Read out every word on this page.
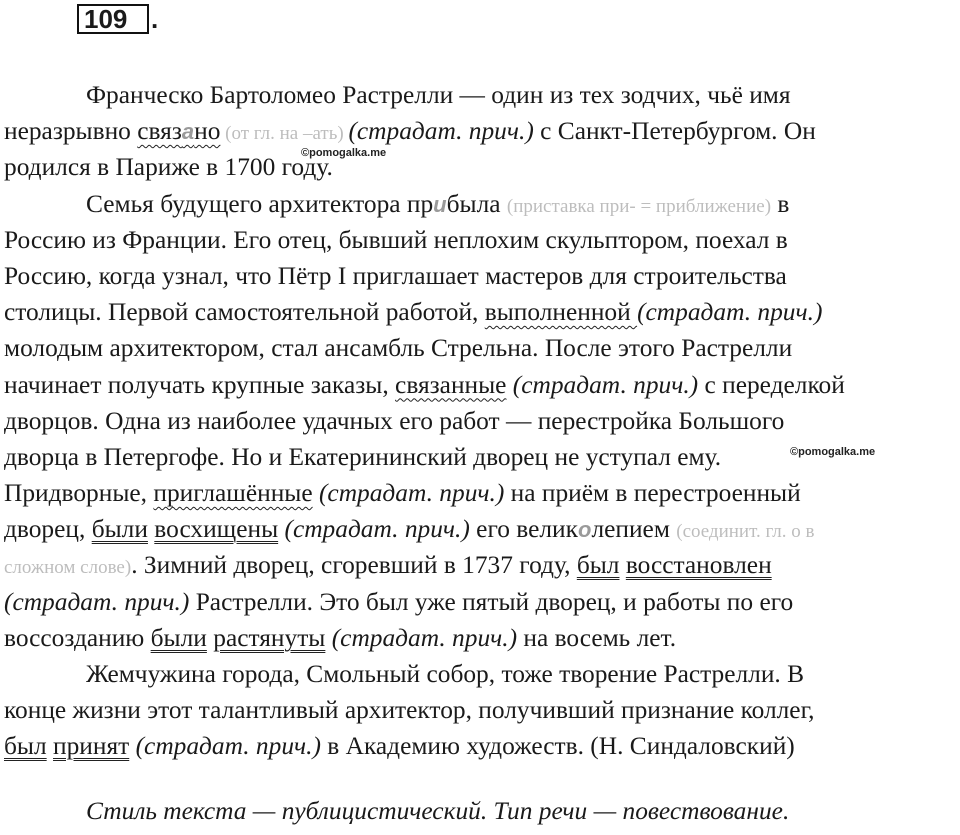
109 .
Франческо Бартоломео Растрелли — один из тех зодчих, чьё имя
неразрывно связано (от гл. на –ать) (страдат. прич.) с Санкт-Петербургом. Он
родился в Париже в 1700 году.
Семья будущего архитектора прибыла (приставка при- = приближение) в
Россию из Франции. Его отец, бывший неплохим скульптором, поехал в
Россию, когда узнал, что Пётр I приглашает мастеров для строительства
столицы. Первой самостоятельной работой, выполненной (страдат. прич.)
молодым архитектором, стал ансамбль Стрельна. После этого Растрелли
начинает получать крупные заказы, связанные (страдат. прич.) с переделкой
дворцов. Одна из наиболее удачных его работ — перестройка Большого
дворца в Петергофе. Но и Екатерининский дворец не уступал ему.
Придворные, приглашённые (страдат. прич.) на приём в перестроенный
дворец, были восхищены (страдат. прич.) его великолепием (соединит. гл. о в
сложном слове). Зимний дворец, сгоревший в 1737 году, был восстановлен
(страдат. прич.) Растрелли. Это был уже пятый дворец, и работы по его
воссозданию были растянуты (страдат. прич.) на восемь лет.
Жемчужина города, Смольный собор, тоже творение Растрелли. В
конце жизни этот талантливый архитектор, получивший признание коллег,
был принят (страдат. прич.) в Академию художеств. (Н. Синдаловский)
©pomogalka.me
©pomogalka.me
Стиль текста — публицистический. Тип речи — повествование.
